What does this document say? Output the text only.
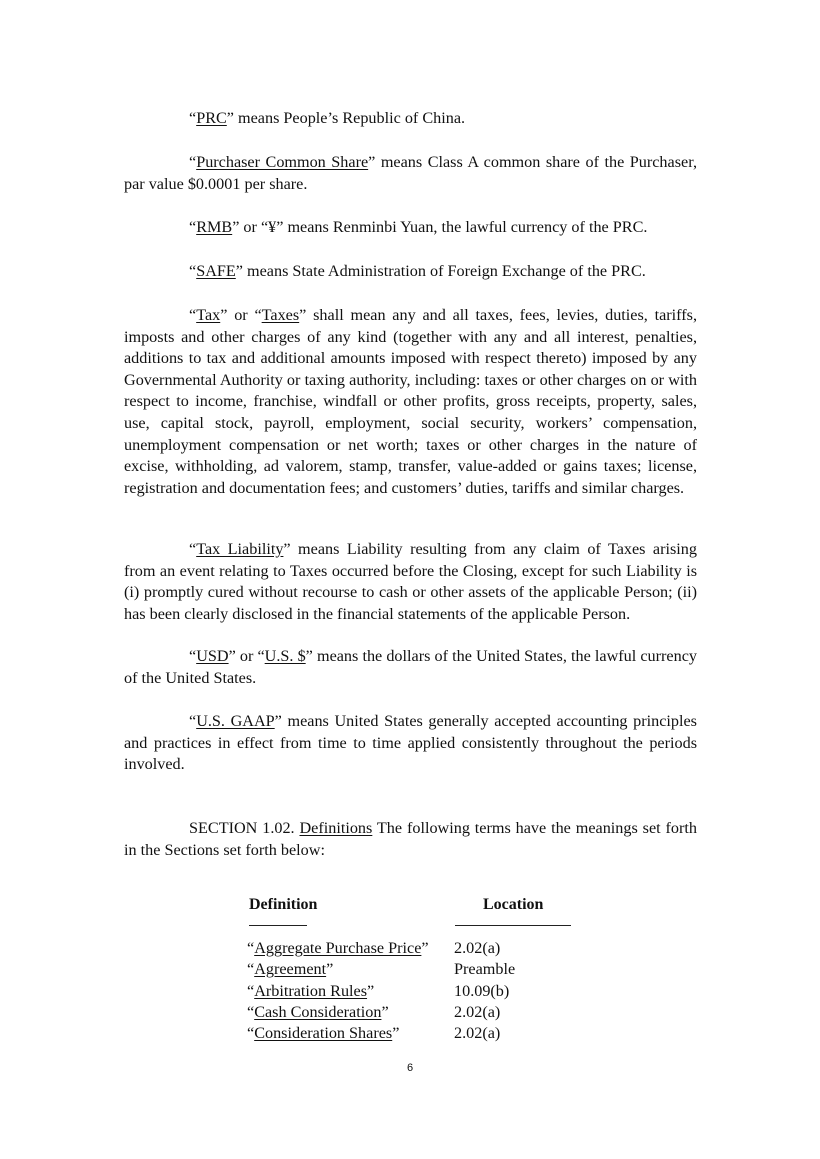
“PRC” means People’s Republic of China.

“Purchaser Common Share” means Class A common share of the Purchaser, par value $0.0001 per share.

“RMB” or “¥” means Renminbi Yuan, the lawful currency of the PRC.

“SAFE” means State Administration of Foreign Exchange of the PRC.

“Tax” or “Taxes” shall mean any and all taxes, fees, levies, duties, tariffs, imposts and other charges of any kind (together with any and all interest, penalties, additions to tax and additional amounts imposed with respect thereto) imposed by any Governmental Authority or taxing authority, including: taxes or other charges on or with respect to income, franchise, windfall or other profits, gross receipts, property, sales, use, capital stock, payroll, employment, social security, workers’ compensation, unemployment compensation or net worth; taxes or other charges in the nature of excise, withholding, ad valorem, stamp, transfer, value-added or gains taxes; license, registration and documentation fees; and customers’ duties, tariffs and similar charges.

“Tax Liability” means Liability resulting from any claim of Taxes arising from an event relating to Taxes occurred before the Closing, except for such Liability is (i) promptly cured without recourse to cash or other assets of the applicable Person; (ii) has been clearly disclosed in the financial statements of the applicable Person.

“USD” or “U.S. $” means the dollars of the United States, the lawful currency of the United States.

“U.S. GAAP” means United States generally accepted accounting principles and practices in effect from time to time applied consistently throughout the periods involved.

SECTION 1.02. Definitions The following terms have the meanings set forth in the Sections set forth below:

Definition	Location
“Aggregate Purchase Price” 2.02(a)
“Agreement”	Preamble
“Arbitration Rules”	10.09(b)
“Cash Consideration”	2.02(a)
“Consideration Shares”	2.02(a)
6
